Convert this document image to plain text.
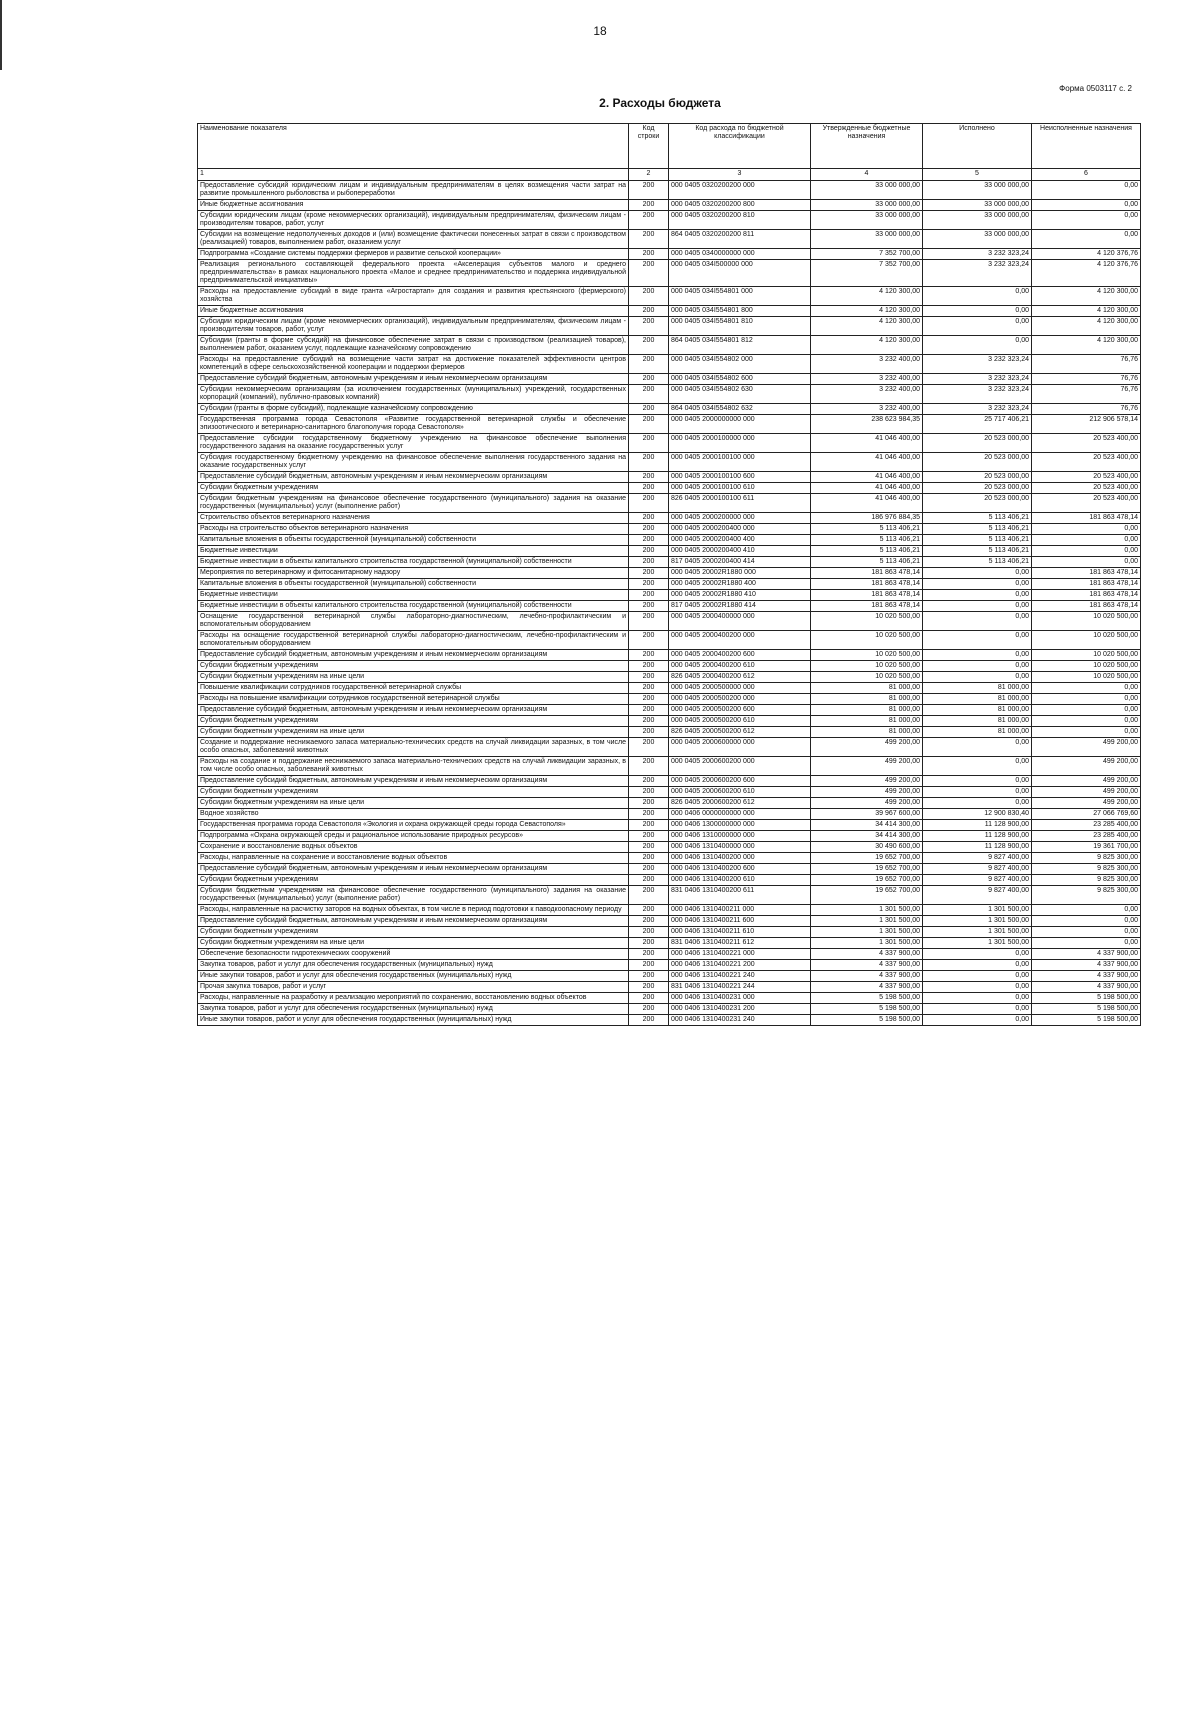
18
Форма 0503117 с. 2
2. Расходы бюджета
Наименование показателя	Код строки	Код расхода по бюджетной классификации	Утвержденные бюджетные назначения	Исполнено	Неисполненные назначения
1	2	3	4	5	6
Предоставление субсидий юридическим лицам и индивидуальным предпринимателям в целях возмещения части затрат на развитие промышленного рыболовства и рыбопереработки	200	000 0405 0320200200 000	33 000 000,00	33 000 000,00	0,00
Иные бюджетные ассигнования	200	000 0405 0320200200 800	33 000 000,00	33 000 000,00	0,00
Субсидии юридическим лицам (кроме некоммерческих организаций), индивидуальным предпринимателям, физическим лицам - производителям товаров, работ, услуг	200	000 0405 0320200200 810	33 000 000,00	33 000 000,00	0,00
Субсидии на возмещение недополученных доходов и (или) возмещение фактически понесенных затрат в связи с производством (реализацией) товаров, выполнением работ, оказанием услуг	200	864 0405 0320200200 811	33 000 000,00	33 000 000,00	0,00
Подпрограмма «Создание системы поддержки фермеров и развитие сельской кооперации»	200	000 0405 0340000000 000	7 352 700,00	3 232 323,24	4 120 376,76
Реализация регионального составляющей федерального проекта «Акселерация субъектов малого и среднего предпринимательства» в рамках национального проекта «Малое и среднее предпринимательство и поддержка индивидуальной предпринимательской инициативы»	200	000 0405 034I500000 000	7 352 700,00	3 232 323,24	4 120 376,76
Расходы на предоставление субсидий в виде гранта «Агростартап» для создания и развития крестьянского (фермерского) хозяйства	200	000 0405 034I554801 000	4 120 300,00	0,00	4 120 300,00
Иные бюджетные ассигнования	200	000 0405 034I554801 800	4 120 300,00	0,00	4 120 300,00
Субсидии юридическим лицам (кроме некоммерческих организаций), индивидуальным предпринимателям, физическим лицам - производителям товаров, работ, услуг	200	000 0405 034I554801 810	4 120 300,00	0,00	4 120 300,00
Субсидии (гранты в форме субсидий) на финансовое обеспечение затрат в связи с производством (реализацией товаров), выполнением работ, оказанием услуг, подлежащие казначейскому сопровождению	200	864 0405 034I554801 812	4 120 300,00	0,00	4 120 300,00
Расходы на предоставление субсидий на возмещение части затрат на достижение показателей эффективности центров компетенций в сфере сельскохозяйственной кооперации и поддержки фермеров	200	000 0405 034I554802 000	3 232 400,00	3 232 323,24	76,76
Предоставление субсидий бюджетным, автономным учреждениям и иным некоммерческим организациям	200	000 0405 034I554802 600	3 232 400,00	3 232 323,24	76,76
Субсидии некоммерческим организациям (за исключением государственных (муниципальных) учреждений, государственных корпораций (компаний), публично-правовых компаний)	200	000 0405 034I554802 630	3 232 400,00	3 232 323,24	76,76
Субсидии (гранты в форме субсидий), подлежащие казначейскому сопровождению	200	864 0405 034I554802 632	3 232 400,00	3 232 323,24	76,76
Государственная программа города Севастополя «Развитие государственной ветеринарной службы и обеспечение эпизоотического и ветеринарно-санитарного благополучия города Севастополя»	200	000 0405 2000000000 000	238 623 984,35	25 717 406,21	212 906 578,14
Предоставление субсидии государственному бюджетному учреждению на финансовое обеспечение выполнения государственного задания на оказание государственных услуг	200	000 0405 2000100000 000	41 046 400,00	20 523 000,00	20 523 400,00
Субсидия государственному бюджетному учреждению на финансовое обеспечение выполнения государственного задания на оказание государственных услуг	200	000 0405 2000100100 000	41 046 400,00	20 523 000,00	20 523 400,00
Предоставление субсидий бюджетным, автономным учреждениям и иным некоммерческим организациям	200	000 0405 2000100100 600	41 046 400,00	20 523 000,00	20 523 400,00
Субсидии бюджетным учреждениям	200	000 0405 2000100100 610	41 046 400,00	20 523 000,00	20 523 400,00
Субсидии бюджетным учреждениям на финансовое обеспечение государственного (муниципального) задания на оказание государственных (муниципальных) услуг (выполнение работ)	200	826 0405 2000100100 611	41 046 400,00	20 523 000,00	20 523 400,00
Строительство объектов ветеринарного назначения	200	000 0405 2000200000 000	186 976 884,35	5 113 406,21	181 863 478,14
Расходы на строительство объектов ветеринарного назначения	200	000 0405 2000200400 000	5 113 406,21	5 113 406,21	0,00
Капитальные вложения в объекты государственной (муниципальной) собственности	200	000 0405 2000200400 400	5 113 406,21	5 113 406,21	0,00
Бюджетные инвестиции	200	000 0405 2000200400 410	5 113 406,21	5 113 406,21	0,00
Бюджетные инвестиции в объекты капитального строительства государственной (муниципальной) собственности	200	817 0405 2000200400 414	5 113 406,21	5 113 406,21	0,00
Мероприятия по ветеринарному и фитосанитарному надзору	200	000 0405 20002R1880 000	181 863 478,14	0,00	181 863 478,14
Капитальные вложения в объекты государственной (муниципальной) собственности	200	000 0405 20002R1880 400	181 863 478,14	0,00	181 863 478,14
Бюджетные инвестиции	200	000 0405 20002R1880 410	181 863 478,14	0,00	181 863 478,14
Бюджетные инвестиции в объекты капитального строительства государственной (муниципальной) собственности	200	817 0405 20002R1880 414	181 863 478,14	0,00	181 863 478,14
Оснащение государственной ветеринарной службы лабораторно-диагностическим, лечебно-профилактическим и вспомогательным оборудованием	200	000 0405 2000400000 000	10 020 500,00	0,00	10 020 500,00
Расходы на оснащение государственной ветеринарной службы лабораторно-диагностическим, лечебно-профилактическим и вспомогательным оборудованием	200	000 0405 2000400200 000	10 020 500,00	0,00	10 020 500,00
Предоставление субсидий бюджетным, автономным учреждениям и иным некоммерческим организациям	200	000 0405 2000400200 600	10 020 500,00	0,00	10 020 500,00
Субсидии бюджетным учреждениям	200	000 0405 2000400200 610	10 020 500,00	0,00	10 020 500,00
Субсидии бюджетным учреждениям на иные цели	200	826 0405 2000400200 612	10 020 500,00	0,00	10 020 500,00
Повышение квалификации сотрудников государственной ветеринарной службы	200	000 0405 2000500000 000	81 000,00	81 000,00	0,00
Расходы на повышение квалификации сотрудников государственной ветеринарной службы	200	000 0405 2000500200 000	81 000,00	81 000,00	0,00
Предоставление субсидий бюджетным, автономным учреждениям и иным некоммерческим организациям	200	000 0405 2000500200 600	81 000,00	81 000,00	0,00
Субсидии бюджетным учреждениям	200	000 0405 2000500200 610	81 000,00	81 000,00	0,00
Субсидии бюджетным учреждениям на иные цели	200	826 0405 2000500200 612	81 000,00	81 000,00	0,00
Создание и поддержание неснижаемого запаса материально-технических средств на случай ликвидации заразных, в том числе особо опасных, заболеваний животных	200	000 0405 2000600000 000	499 200,00	0,00	499 200,00
Расходы на создание и поддержание неснижаемого запаса материально-технических средств на случай ликвидации заразных, в том числе особо опасных, заболеваний животных	200	000 0405 2000600200 000	499 200,00	0,00	499 200,00
Предоставление субсидий бюджетным, автономным учреждениям и иным некоммерческим организациям	200	000 0405 2000600200 600	499 200,00	0,00	499 200,00
Субсидии бюджетным учреждениям	200	000 0405 2000600200 610	499 200,00	0,00	499 200,00
Субсидии бюджетным учреждениям на иные цели	200	826 0405 2000600200 612	499 200,00	0,00	499 200,00
Водное хозяйство	200	000 0406 0000000000 000	39 967 600,00	12 900 830,40	27 066 769,60
Государственная программа города Севастополя «Экология и охрана окружающей среды города Севастополя»	200	000 0406 1300000000 000	34 414 300,00	11 128 900,00	23 285 400,00
Подпрограмма «Охрана окружающей среды и рациональное использование природных ресурсов»	200	000 0406 1310000000 000	34 414 300,00	11 128 900,00	23 285 400,00
Сохранение и восстановление водных объектов	200	000 0406 1310400000 000	30 490 600,00	11 128 900,00	19 361 700,00
Расходы, направленные на сохранение и восстановление водных объектов	200	000 0406 1310400200 000	19 652 700,00	9 827 400,00	9 825 300,00
Предоставление субсидий бюджетным, автономным учреждениям и иным некоммерческим организациям	200	000 0406 1310400200 600	19 652 700,00	9 827 400,00	9 825 300,00
Субсидии бюджетным учреждениям	200	000 0406 1310400200 610	19 652 700,00	9 827 400,00	9 825 300,00
Субсидии бюджетным учреждениям на финансовое обеспечение государственного (муниципального) задания на оказание государственных (муниципальных) услуг (выполнение работ)	200	831 0406 1310400200 611	19 652 700,00	9 827 400,00	9 825 300,00
Расходы, направленные на расчистку заторов на водных объектах, в том числе в период подготовки к паводкоопасному периоду	200	000 0406 1310400211 000	1 301 500,00	1 301 500,00	0,00
Предоставление субсидий бюджетным, автономным учреждениям и иным некоммерческим организациям	200	000 0406 1310400211 600	1 301 500,00	1 301 500,00	0,00
Субсидии бюджетным учреждениям	200	000 0406 1310400211 610	1 301 500,00	1 301 500,00	0,00
Субсидии бюджетным учреждениям на иные цели	200	831 0406 1310400211 612	1 301 500,00	1 301 500,00	0,00
Обеспечение безопасности гидротехнических сооружений	200	000 0406 1310400221 000	4 337 900,00	0,00	4 337 900,00
Закупка товаров, работ и услуг для обеспечения государственных (муниципальных) нужд	200	000 0406 1310400221 200	4 337 900,00	0,00	4 337 900,00
Иные закупки товаров, работ и услуг для обеспечения государственных (муниципальных) нужд	200	000 0406 1310400221 240	4 337 900,00	0,00	4 337 900,00
Прочая закупка товаров, работ и услуг	200	831 0406 1310400221 244	4 337 900,00	0,00	4 337 900,00
Расходы, направленные на разработку и реализацию мероприятий по сохранению, восстановлению водных объектов	200	000 0406 1310400231 000	5 198 500,00	0,00	5 198 500,00
Закупка товаров, работ и услуг для обеспечения государственных (муниципальных) нужд	200	000 0406 1310400231 200	5 198 500,00	0,00	5 198 500,00
Иные закупки товаров, работ и услуг для обеспечения государственных (муниципальных) нужд	200	000 0406 1310400231 240	5 198 500,00	0,00	5 198 500,00
